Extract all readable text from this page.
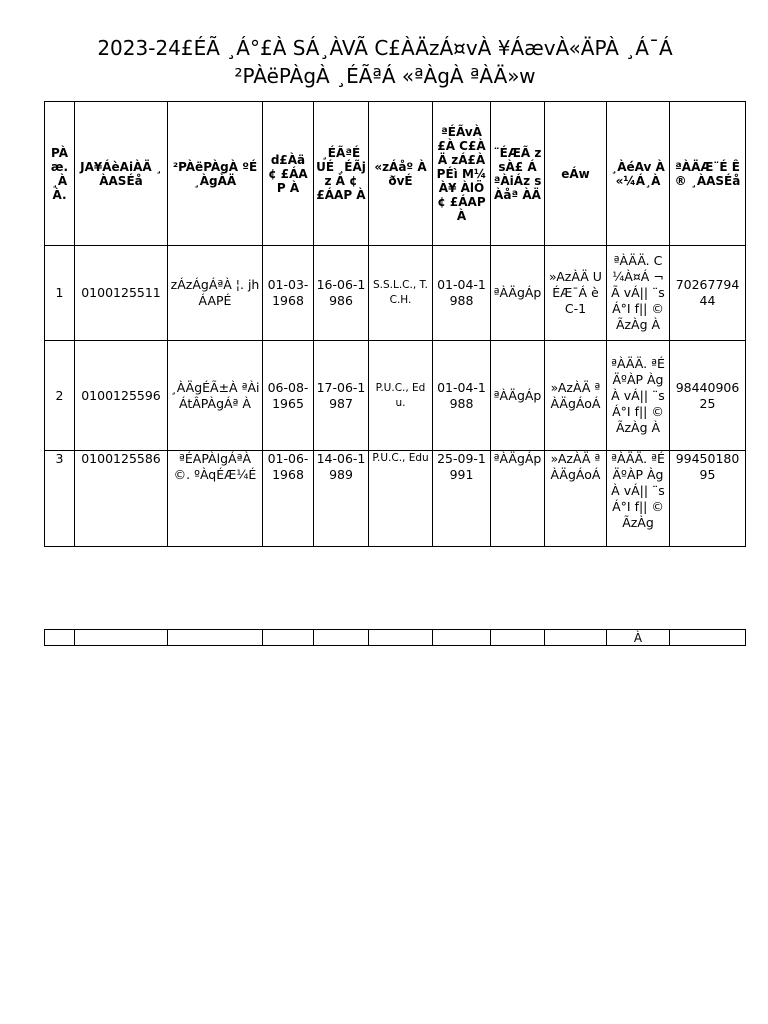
2023-24£ÉÃ ¸Á°£À SÁ¸ÀVÃ C£ÀÄzÁ¤vÀ ¥ÁævÀ«ÄPÀ ¸Á¯Á
²PÀëPÀgÀ ¸ÉÃªÁ «ªÀgÀ ªÀÄ»w
PÀ æ. ¸À À.	JA¥ÁèAiÀÄ ¸ÀASÉå	²PÀëPÀgÀ ºÉ¸ÀgÀÄ	d£Àä ¢ £ÁAP À	¸ÉÃªÉ UÉ ¸ÉÃjz À ¢ £ÁAP À	«zÁåº ÀðvÉ	ªÉÃvÀ £À C£ÀÄ zÁ£À PÉì M¼À¥ ÀlÖ ¢ £ÁAP À	¨ÉÆÃ zsÀ£ Á ªÀiÁz sÀåª ÀÄ	eÁw	¸ÀéAv À «¼Á¸À	ªÀÄÆ¨É Ê® ¸ÀASÉå
1	0100125511	zÁzÁgÁªÀ ¦. jhÁAPÉ	01-03-1968	16-06-1986	S.S.L.C., T.C.H.	01-04-1988	ªÀÄgÁp	»AzÀÄ UÉÆ¯Á è C-1	ªÀÄÄ. C¼À¤Á ¬Ã vÁ|| ¨sÁ°I f|| ©ÃzÀg À	7026779444
2	0100125596	¸ÀÄgÉÃ±À ªÀiÁtÂPÀgÁª À	06-08-1965	17-06-1987	P.U.C., Edu.	01-04-1988	ªÀÄgÁp	»AzÀÄ ªÀÄgÁoÁ	ªÀÄÄ. ªÉÄºÀP ÀgÀ vÁ|| ¨sÁ°I f|| ©ÃzÀg À	9844090625
3	0100125586	ªÉAPÀlgÁªÀ ©. ºÀqÉÆ¼É	01-06-1968	14-06-1989	P.U.C., Edu	25-09-1991	ªÀÄgÁp	»AzÀÄ ªÀÄgÁoÁ	ªÀÄÄ. ªÉÄºÀP ÀgÀ vÁ|| ¨sÁ°I f|| ©ÃzÀg	9945018095
									À	
